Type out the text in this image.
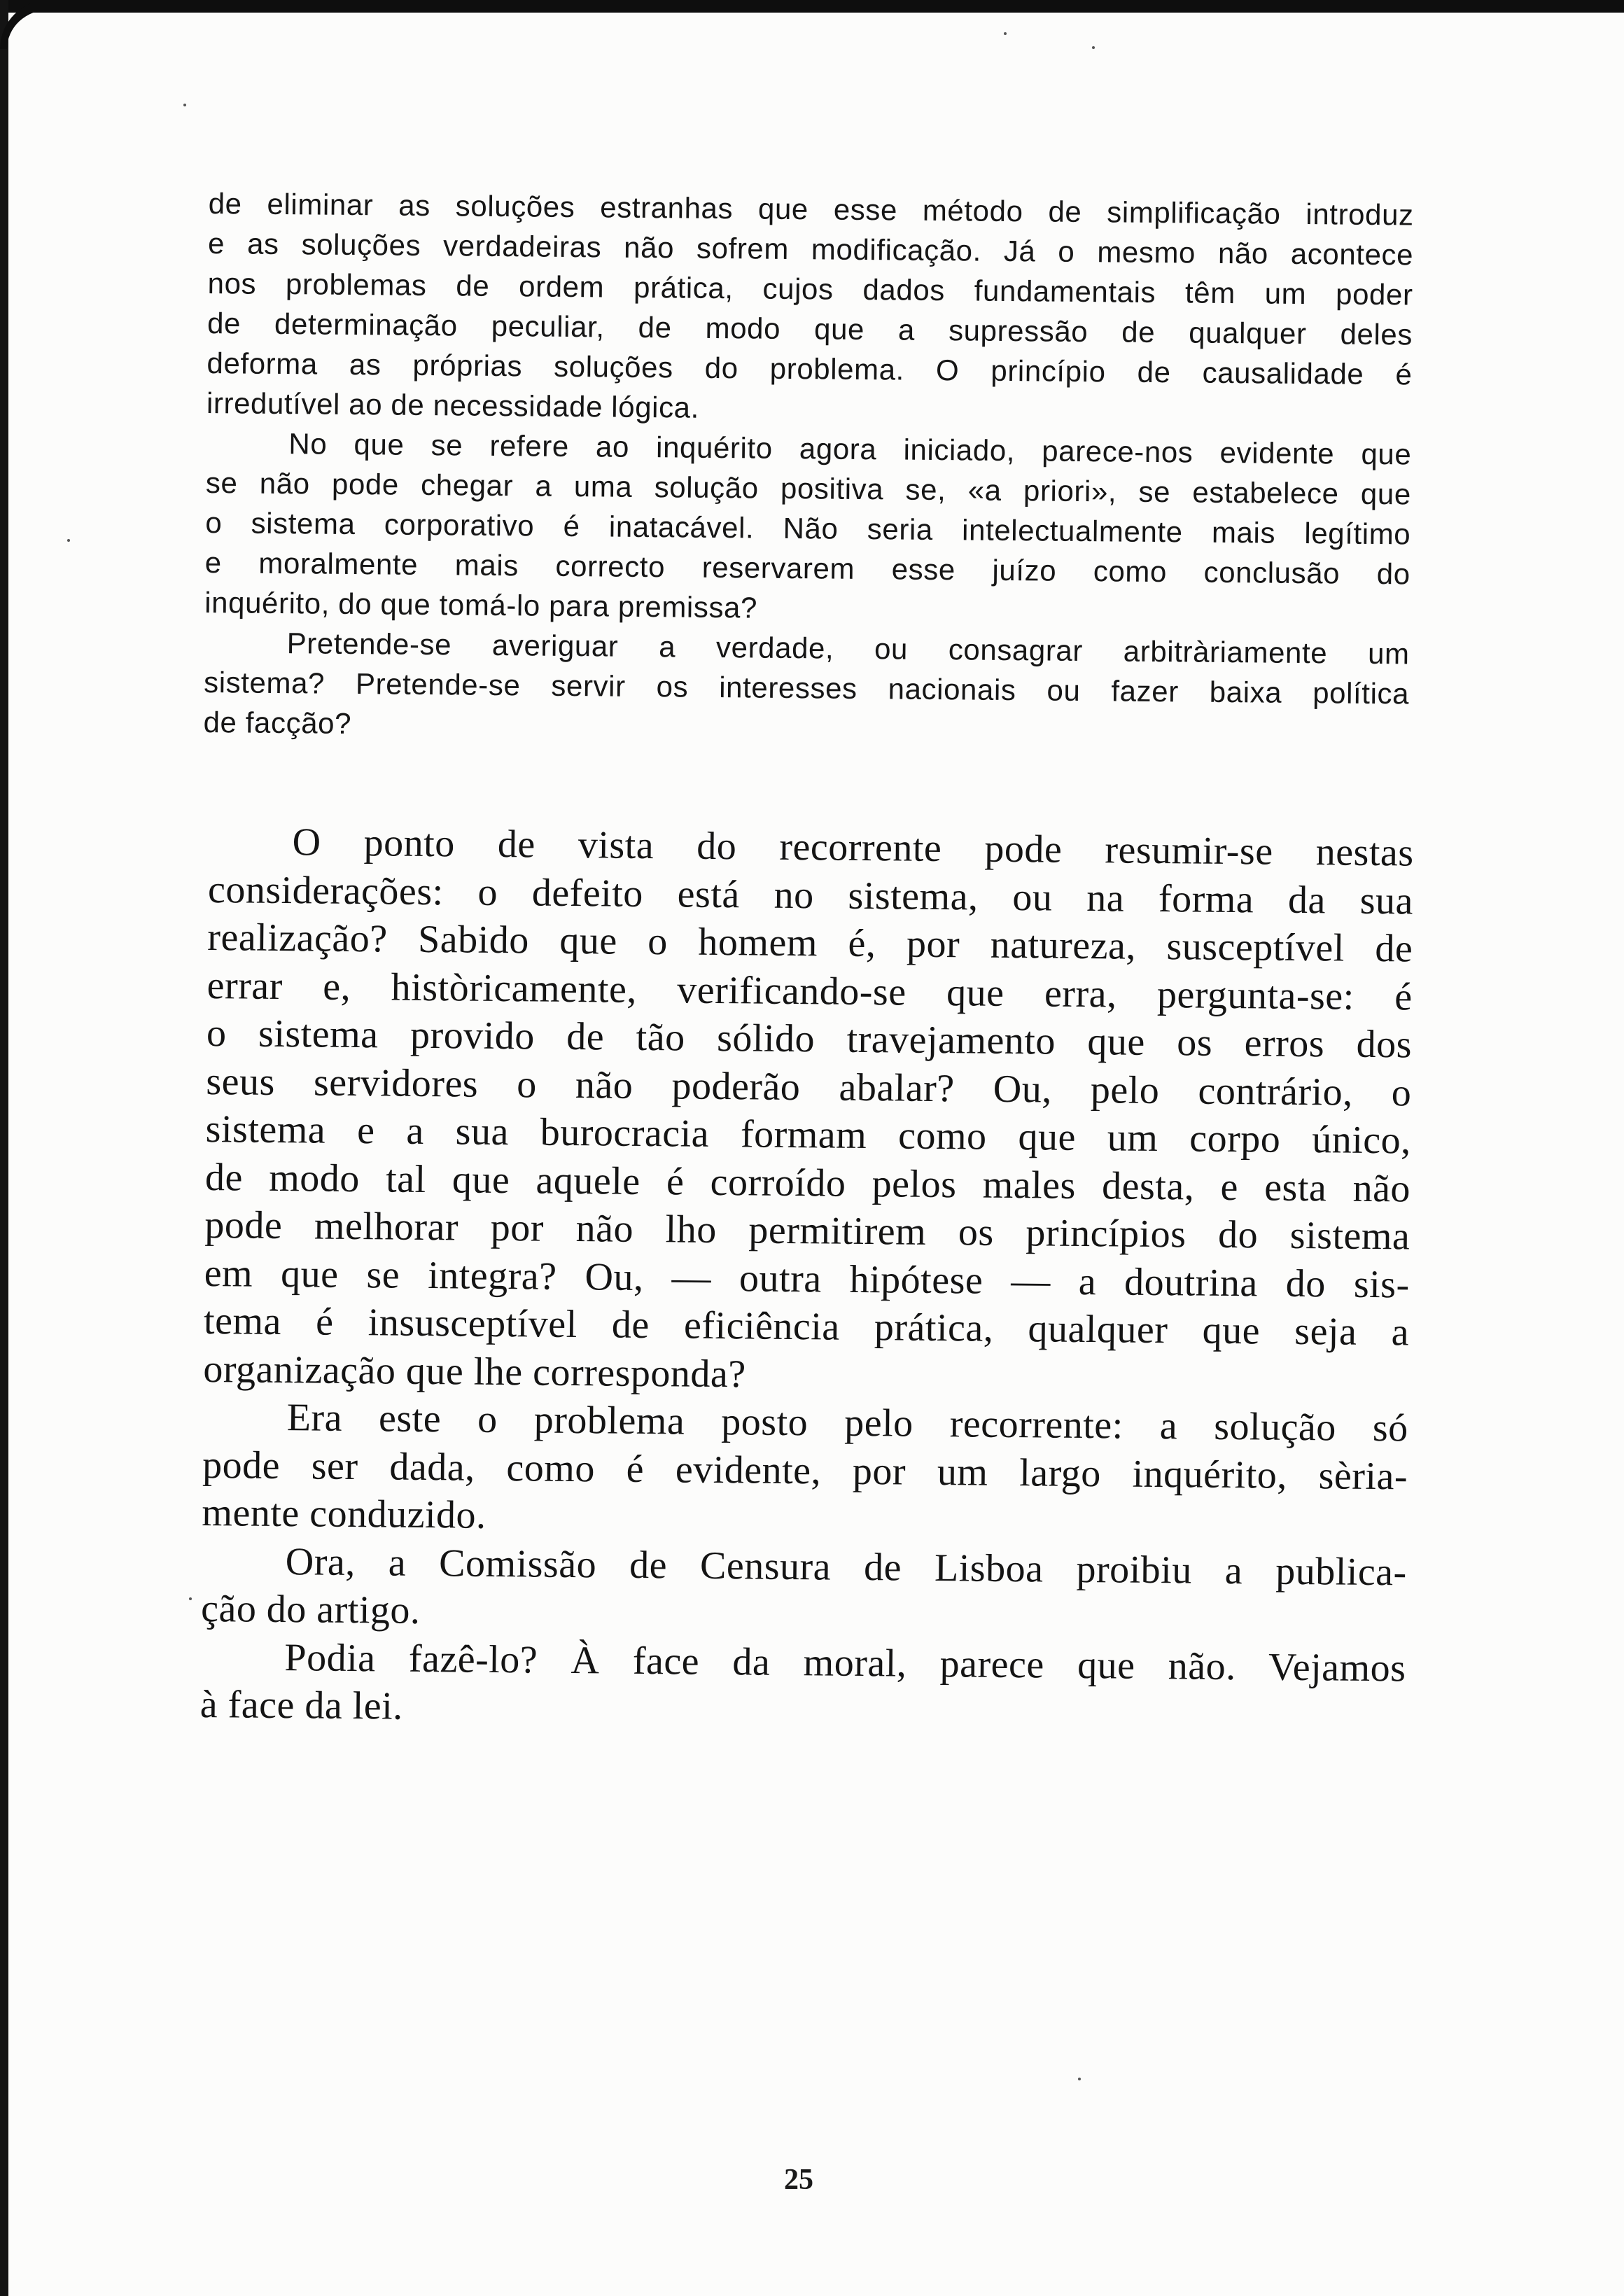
de eliminar as soluções estranhas que esse método de simplificação introduz
e as soluções verdadeiras não sofrem modificação. Já o mesmo não acontece
nos problemas de ordem prática, cujos dados fundamentais têm um poder
de determinação peculiar, de modo que a supressão de qualquer deles
deforma as próprias soluções do problema. O princípio de causalidade é
irredutível ao de necessidade lógica.
No que se refere ao inquérito agora iniciado, parece-nos evidente que
se não pode chegar a uma solução positiva se, «a priori», se estabelece que
o sistema corporativo é inatacável. Não seria intelectualmente mais legítimo
e moralmente mais correcto reservarem esse juízo como conclusão do
inquérito, do que tomá-lo para premissa?
Pretende-se averiguar a verdade, ou consagrar arbitràriamente um
sistema? Pretende-se servir os interesses nacionais ou fazer baixa política
de facção?
O ponto de vista do recorrente pode resumir-se nestas
considerações: o defeito está no sistema, ou na forma da sua
realização? Sabido que o homem é, por natureza, susceptível de
errar e, històricamente, verificando-se que erra, pergunta-se: é
o sistema provido de tão sólido travejamento que os erros dos
seus servidores o não poderão abalar? Ou, pelo contrário, o
sistema e a sua burocracia formam como que um corpo único,
de modo tal que aquele é corroído pelos males desta, e esta não
pode melhorar por não lho permitirem os princípios do sistema
em que se integra? Ou, — outra hipótese — a doutrina do sis-
tema é insusceptível de eficiência prática, qualquer que seja a
organização que lhe corresponda?
Era este o problema posto pelo recorrente: a solução só
pode ser dada, como é evidente, por um largo inquérito, sèria-
mente conduzido.
Ora, a Comissão de Censura de Lisboa proibiu a publica-
ção do artigo.
Podia fazê-lo? À face da moral, parece que não. Vejamos
à face da lei.
25
